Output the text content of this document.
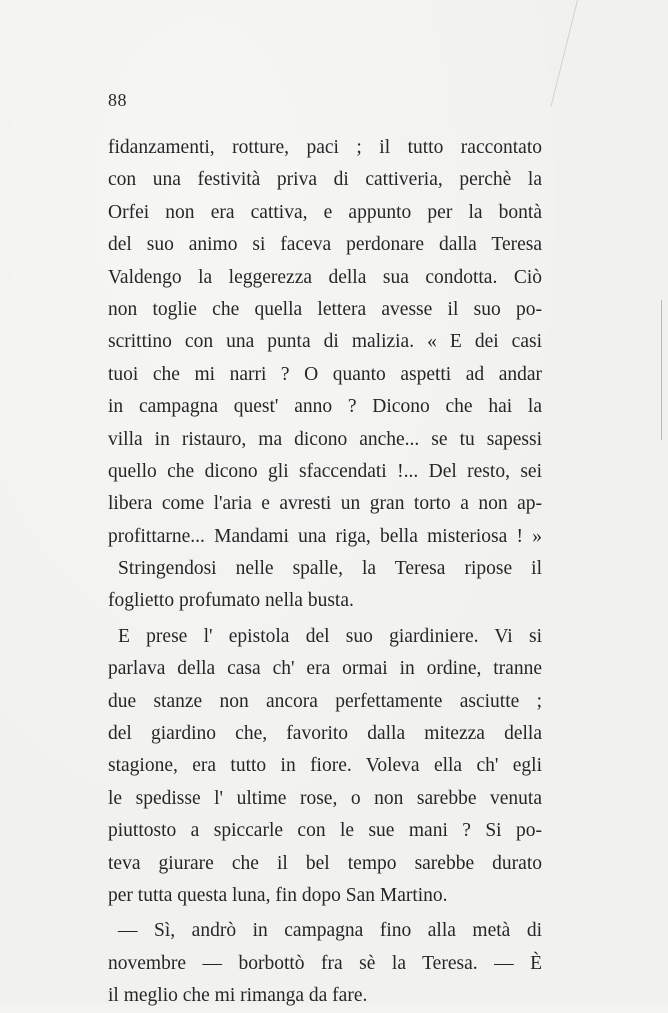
88
fidanzamenti, rotture, paci ; il tutto raccontato
con una festività priva di cattiveria, perchè la
Orfei non era cattiva, e appunto per la bontà
del suo animo si faceva perdonare dalla Teresa
Valdengo la leggerezza della sua condotta. Ciò
non toglie che quella lettera avesse il suo po-
scrittino con una punta di malizia. « E dei casi
tuoi che mi narri ? O quanto aspetti ad andar
in campagna quest' anno ? Dicono che hai la
villa in ristauro, ma dicono anche... se tu sapessi
quello che dicono gli sfaccendati !... Del resto, sei
libera come l'aria e avresti un gran torto a non ap-
profittarne... Mandami una riga, bella misteriosa ! »
Stringendosi nelle spalle, la Teresa ripose il
foglietto profumato nella busta.
E prese l' epistola del suo giardiniere. Vi si
parlava della casa ch' era ormai in ordine, tranne
due stanze non ancora perfettamente asciutte ;
del giardino che, favorito dalla mitezza della
stagione, era tutto in fiore. Voleva ella ch' egli
le spedisse l' ultime rose, o non sarebbe venuta
piuttosto a spiccarle con le sue mani ? Si po-
teva giurare che il bel tempo sarebbe durato
per tutta questa luna, fin dopo San Martino.
— Sì, andrò in campagna fino alla metà di
novembre — borbottò fra sè la Teresa. — È
il meglio che mi rimanga da fare.
